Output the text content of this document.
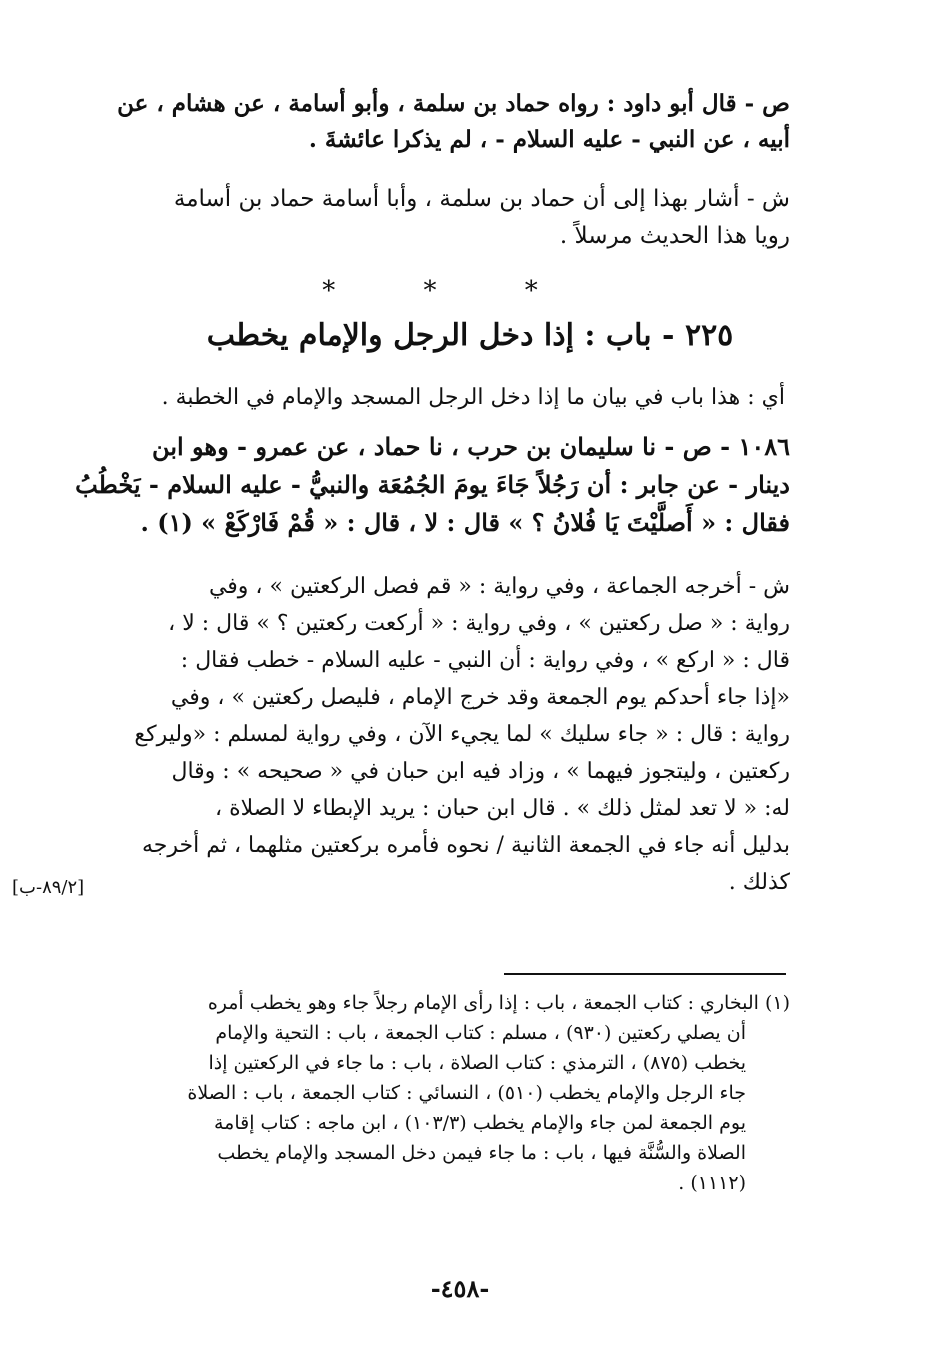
ص - قال أبو داود : رواه حماد بن سلمة ، وأبو أسامة ، عن هشام ، عن
أبيه ، عن النبي - عليه السلام - ، لم يذكرا عائشةَ .
ش - أشار بهذا إلى أن حماد بن سلمة ، وأبا أسامة حماد بن أسامة
رويا هذا الحديث مرسلاً .
* * *
٢٢٥ - باب : إذا دخل الرجل والإمام يخطب
أي : هذا باب في بيان ما إذا دخل الرجل المسجد والإمام في الخطبة .
١٠٨٦ - ص - نا سليمان بن حرب ، نا حماد ، عن عمرو - وهو ابن
دينار - عن جابر : أن رَجُلاً جَاءَ يومَ الجُمُعَة والنبيُّ - عليه السلام - يَخْطُبُ
فقال : « أَصلَّيْتَ يَا فُلانُ ؟ » قال : لا ، قال : « قُمْ فَارْكَعْ » (١) .
ش - أخرجه الجماعة ، وفي رواية : « قم فصل الركعتين » ، وفي
رواية : « صل ركعتين » ، وفي رواية : « أركعت ركعتين ؟ » قال : لا ،
قال : « اركع » ، وفي رواية : أن النبي - عليه السلام - خطب فقال :
«إذا جاء أحدكم يوم الجمعة وقد خرج الإمام ، فليصل ركعتين » ، وفي
رواية : قال : « جاء سليك » لما يجيء الآن ، وفي رواية لمسلم : «وليركع
ركعتين ، وليتجوز فيهما » ، وزاد فيه ابن حبان في « صحيحه » : وقال
له: « لا تعد لمثل ذلك » . قال ابن حبان : يريد الإبطاء لا الصلاة ،
بدليل أنه جاء في الجمعة الثانية / نحوه فأمره بركعتين مثلهما ، ثم أخرجه
كذلك .
[٨٩/٢-ب]
(١) البخاري : كتاب الجمعة ، باب : إذا رأى الإمام رجلاً جاء وهو يخطب أمره
أن يصلي ركعتين (٩٣٠) ، مسلم : كتاب الجمعة ، باب : التحية والإمام
يخطب (٨٧٥) ، الترمذي : كتاب الصلاة ، باب : ما جاء في الركعتين إذا
جاء الرجل والإمام يخطب (٥١٠) ، النسائي : كتاب الجمعة ، باب : الصلاة
يوم الجمعة لمن جاء والإمام يخطب (١٠٣/٣) ، ابن ماجه : كتاب إقامة
الصلاة والسُّنَّة فيها ، باب : ما جاء فيمن دخل المسجد والإمام يخطب
(١١١٢) .
-٤٥٨-
